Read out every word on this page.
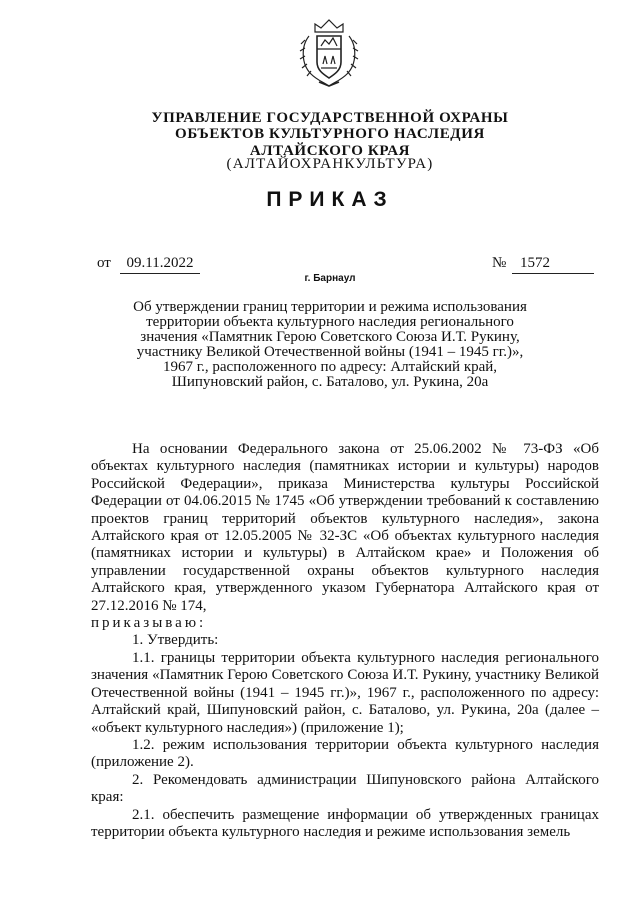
УПРАВЛЕНИЕ ГОСУДАРСТВЕННОЙ ОХРАНЫ
ОБЪЕКТОВ КУЛЬТУРНОГО НАСЛЕДИЯ
АЛТАЙСКОГО КРАЯ
(АЛТАЙОХРАНКУЛЬТУРА)
ПРИКАЗ
от	09.11.2022	№ 1572
г. Барнаул
Об утверждении границ территории и режима использования территории объекта культурного наследия регионального значения «Памятник Герою Советского Союза И.Т. Рукину, участнику Великой Отечественной войны (1941 – 1945 гг.)», 1967 г., расположенного по адресу: Алтайский край, Шипуновский район, с. Баталово, ул. Рукина, 20а

На основании Федерального закона от 25.06.2002 № 73-ФЗ «Об объектах культурного наследия (памятниках истории и культуры) народов Российской Федерации», приказа Министерства культуры Российской Федерации от 04.06.2015 № 1745 «Об утверждении требований к составлению проектов границ территорий объектов культурного наследия», закона Алтайского края от 12.05.2005 № 32-ЗС «Об объектах культурного наследия (памятниках истории и культуры) в Алтайском крае» и Положения об управлении государственной охраны объектов культурного наследия Алтайского края, утвержденного указом Губернатора Алтайского края от 27.12.2016 № 174,

приказываю:

1. Утвердить:

1.1. границы территории объекта культурного наследия регионального значения «Памятник Герою Советского Союза И.Т. Рукину, участнику Великой Отечественной войны (1941 – 1945 гг.)», 1967 г., расположенного по адресу: Алтайский край, Шипуновский район, с. Баталово, ул. Рукина, 20а (далее – «объект культурного наследия») (приложение 1);

1.2. режим использования территории объекта культурного наследия (приложение 2).

2. Рекомендовать администрации Шипуновского района Алтайского края:

2.1. обеспечить размещение информации об утвержденных границах территории объекта культурного наследия и режиме использования земель
